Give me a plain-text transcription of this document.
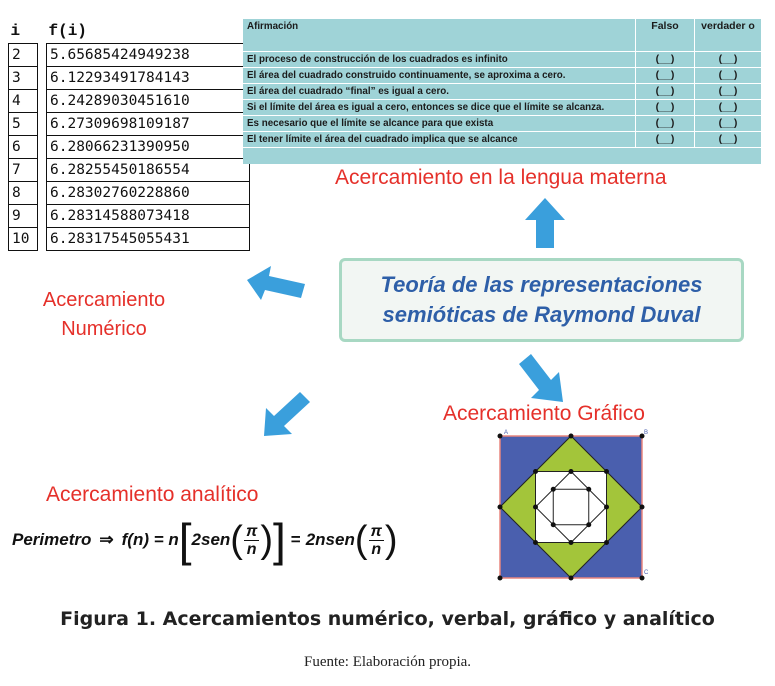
i		f(i)
2		5.65685424949238
3		6.12293491784143
4		6.24289030451610
5		6.27309698109187
6		6.28066231390950
7		6.28255450186554
8		6.28302760228860
9		6.28314588073418
10		6.28317545055431
Acercamiento
Numérico
Afirmación	Falso	verdader o
El proceso de construcción de los cuadrados es infinito	(__)	(__)
El área del cuadrado construido continuamente, se aproxima a cero.	(__)	(__)
El área del cuadrado “final” es igual a cero.	(__)	(__)
Si el límite del área es igual a cero, entonces se dice que el límite se alcanza.	(__)	(__)
Es necesario que el límite se alcance para que exista	(__)	(__)
El tener límite el área del cuadrado implica que se alcance	(__)	(__)
Acercamiento en la lengua materna
Teoría de las representaciones
semióticas de Raymond Duval
Acercamiento Gráfico
A	B
C
Acercamiento analítico
Perimetro ⇒ f(n) = n [ 2sen ( $\frac{\pi}{n}$ ) ] = 2nsen ( $\frac{\pi}{n}$ )
Figura 1. Acercamientos numérico, verbal, gráfico y analítico
Fuente: Elaboración propia.
